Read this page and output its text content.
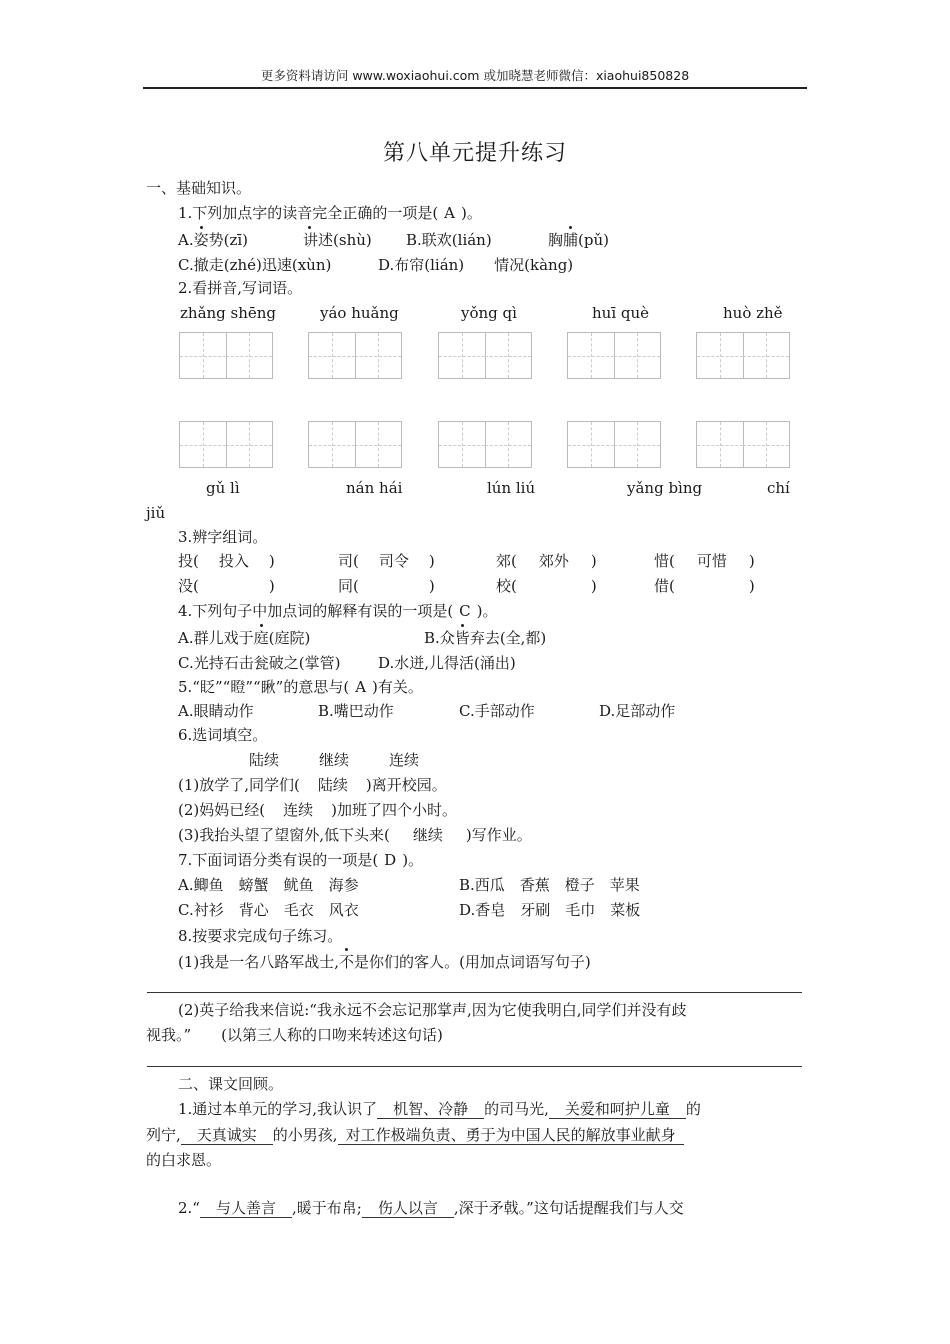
更多资料请访问 www.woxiaohui.com 或加晓慧老师微信：xiaohui850828
第八单元提升练习
一、基础知识。
1.下列加点字的读音完全正确的一项是( A )。
A.姿势(zī)	讲述(shù) B.联欢(lián)	胸脯(pǔ)
C.撤走(zhé)迅速(xùn)	D.布帘(lián)　　情况(kàng)
2.看拼音,写词语。
zhǎng shēng	yáo huǎng	yǒng qì	huī què	huò zhě
gǔ lì	nán hái	lún liú	yǎng bìng	chí
jiǔ
3.辨字组词。
投( 投入 )	司( 司令 )	郊( 郊外 )	惜( 可惜 )
没(	)	同(	)	校(	)	借(	)
4.下列句子中加点词的解释有误的一项是( C )。
A.群儿戏于庭(庭院)	B.众皆弃去(全,都)
C.光持石击瓮破之(掌管)	D.水迸,儿得活(涌出)
5.“眨”“瞪”“瞅”的意思与( A )有关。
A.眼睛动作	B.嘴巴动作	C.手部动作	D.足部动作
6.选词填空。
陆续	继续	连续
(1)放学了,同学们( 陆续 )离开校园。
(2)妈妈已经( 连续 )加班了四个小时。
(3)我抬头望了望窗外,低下头来( 继续 )写作业。
7.下面词语分类有误的一项是( D )。
A.鲫鱼　螃蟹　鱿鱼　海参	B.西瓜　香蕉　橙子　苹果
C.衬衫　背心　毛衣　风衣	D.香皂　牙刷　毛巾　菜板
8.按要求完成句子练习。
(1)我是一名八路军战士,不是你们的客人。(用加点词语写句子)
(2)英子给我来信说:“我永远不会忘记那掌声,因为它使我明白,同学们并没有歧
视我。”　　(以第三人称的口吻来转述这句话)
二、课文回顾。
1.通过本单元的学习,我认识了 机智、冷静 的司马光, 关爱和呵护儿童 的
列宁, 天真诚实 的小男孩, 对工作极端负责、勇于为中国人民的解放事业献身
的白求恩。
2.“ 与人善言 ,暖于布帛; 伤人以言 ,深于矛戟。”这句话提醒我们与人交
